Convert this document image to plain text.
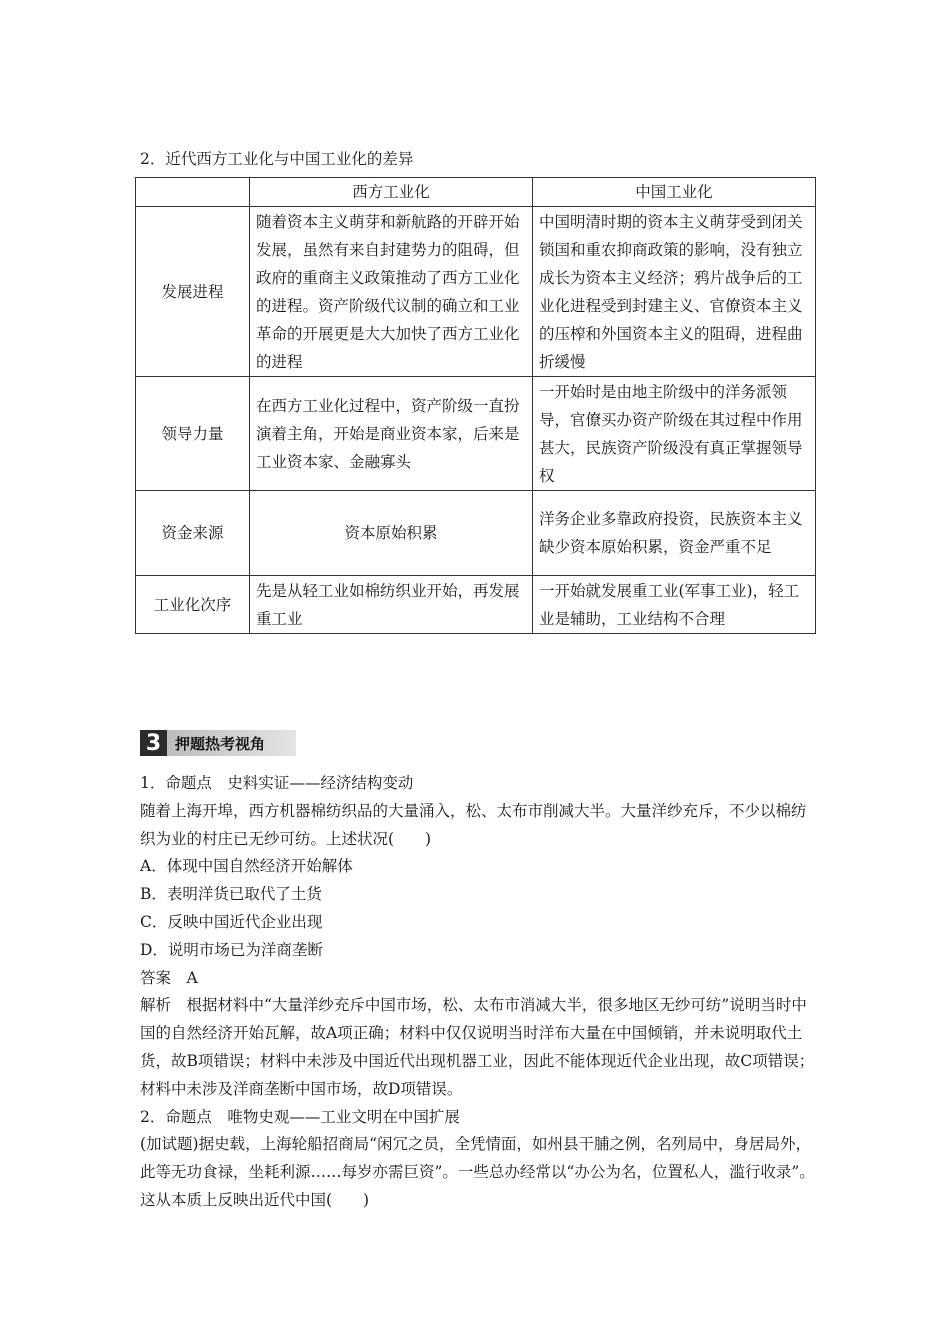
2．近代西方工业化与中国工业化的差异
	西方工业化	中国工业化
发展进程	随着资本主义萌芽和新航路的开辟开始发展，虽然有来自封建势力的阻碍，但政府的重商主义政策推动了西方工业化的进程。资产阶级代议制的确立和工业革命的开展更是大大加快了西方工业化的进程	中国明清时期的资本主义萌芽受到闭关锁国和重农抑商政策的影响，没有独立成长为资本主义经济；鸦片战争后的工业化进程受到封建主义、官僚资本主义的压榨和外国资本主义的阻碍，进程曲折缓慢
领导力量	在西方工业化过程中，资产阶级一直扮演着主角，开始是商业资本家，后来是工业资本家、金融寡头	一开始时是由地主阶级中的洋务派领导，官僚买办资产阶级在其过程中作用甚大，民族资产阶级没有真正掌握领导权
资金来源	资本原始积累	洋务企业多靠政府投资，民族资本主义缺少资本原始积累，资金严重不足
工业化次序	先是从轻工业如棉纺织业开始，再发展重工业	一开始就发展重工业(军事工业)，轻工业是辅助，工业结构不合理
3 押题热考视角

1．命题点　史料实证——经济结构变动

随着上海开埠，西方机器棉纺织品的大量涌入，松、太布市削减大半。大量洋纱充斥，不少以棉纺织为业的村庄已无纱可纺。上述状况(　　)

A．体现中国自然经济开始解体

B．表明洋货已取代了土货

C．反映中国近代企业出现

D．说明市场已为洋商垄断

答案　A

解析　根据材料中“大量洋纱充斥中国市场，松、太布市消减大半，很多地区无纱可纺”说明当时中国的自然经济开始瓦解，故A项正确；材料中仅仅说明当时洋布大量在中国倾销，并未说明取代土货，故B项错误；材料中未涉及中国近代出现机器工业，因此不能体现近代企业出现，故C项错误；材料中未涉及洋商垄断中国市场，故D项错误。

2．命题点　唯物史观——工业文明在中国扩展

(加试题)据史载，上海轮船招商局“闲冗之员，全凭情面，如州县干脯之例，名列局中，身居局外，此等无功食禄，坐耗利源……每岁亦需巨资”。一些总办经常以“办公为名，位置私人，滥行收录”。这从本质上反映出近代中国(　　)
